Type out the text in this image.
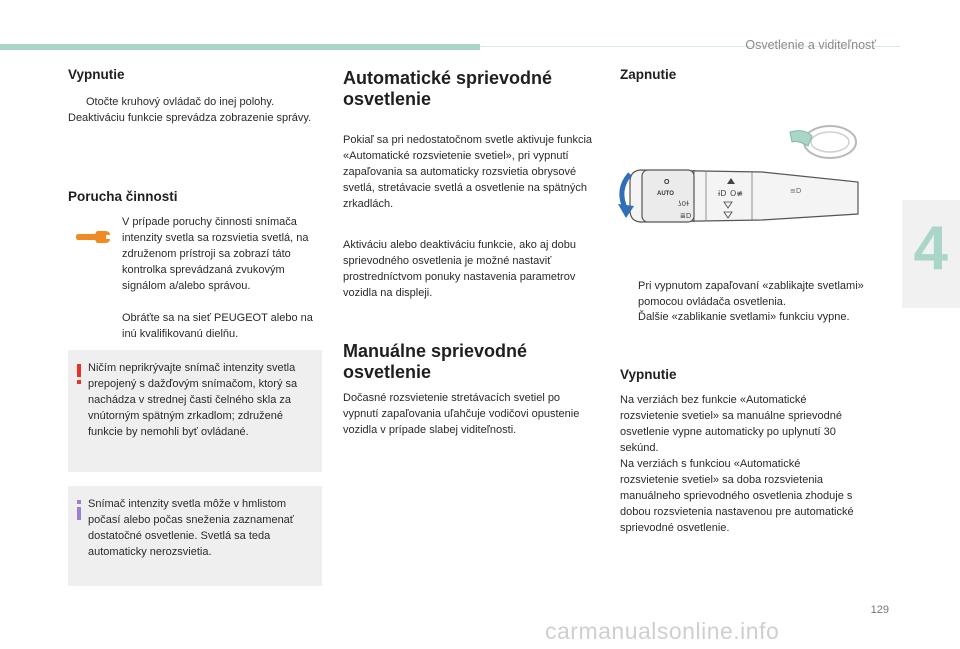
Osvetlenie a viditeľnosť
4
Vypnutie
Otočte kruhový ovládač do inej polohy.

Deaktiváciu funkcie sprevádza zobrazenie správy.

Porucha činnosti

V prípade poruchy činnosti snímača intenzity svetla sa rozsvietia svetlá, na združenom prístroji sa zobrazí táto kontrolka sprevádzaná zvukovým signálom a/alebo správou.

Obráťte sa na sieť PEUGEOT alebo na inú kvalifikovanú dielňu.

Ničím neprikrývajte snímač intenzity svetla prepojený s dažďovým snímačom, ktorý sa nachádza v strednej časti čelného skla za vnútorným spätným zrkadlom; združené funkcie by nemohli byť ovládané.
Snímač intenzity svetla môže v hmlistom počasí alebo počas sneženia zaznamenať dostatočné osvetlenie. Svetlá sa teda automaticky nerozsvietia.
Automatické sprievodné
osvetlenie

Pokiaľ sa pri nedostatočnom svetle aktivuje funkcia «Automatické rozsvietenie svetiel», pri vypnutí zapaľovania sa automaticky rozsvietia obrysové svetlá, stretávacie svetlá a osvetlenie na spätných zrkadlách.

Aktiváciu alebo deaktiváciu funkcie, ako aj dobu sprievodného osvetlenia je možné nastaviť prostredníctvom ponuky nastavenia parametrov vozidla na displeji.

Manuálne sprievodné
osvetlenie

Dočasné rozsvietenie stretávacích svetiel po vypnutí zapaľovania uľahčuje vodičovi opustenie vozidla v prípade slabej viditeľnosti.

Zapnutie
O
AUTO
ʖ0ɬ
≣D
ɨD O≢	≡D
Pri vypnutom zapaľovaní «zablikajte svetlami» pomocou ovládača osvetlenia.
Ďalšie «zablikanie svetlami» funkciu vypne.
Vypnutie

Na verziách bez funkcie «Automatické rozsvietenie svetiel» sa manuálne sprievodné osvetlenie vypne automaticky po uplynutí 30 sekúnd.

Na verziách s funkciou «Automatické rozsvietenie svetiel» sa doba rozsvietenia manuálneho sprievodného osvetlenia zhoduje s dobou rozsvietenia nastavenou pre automatické sprievodné osvetlenie.

129
carmanualsonline.info
